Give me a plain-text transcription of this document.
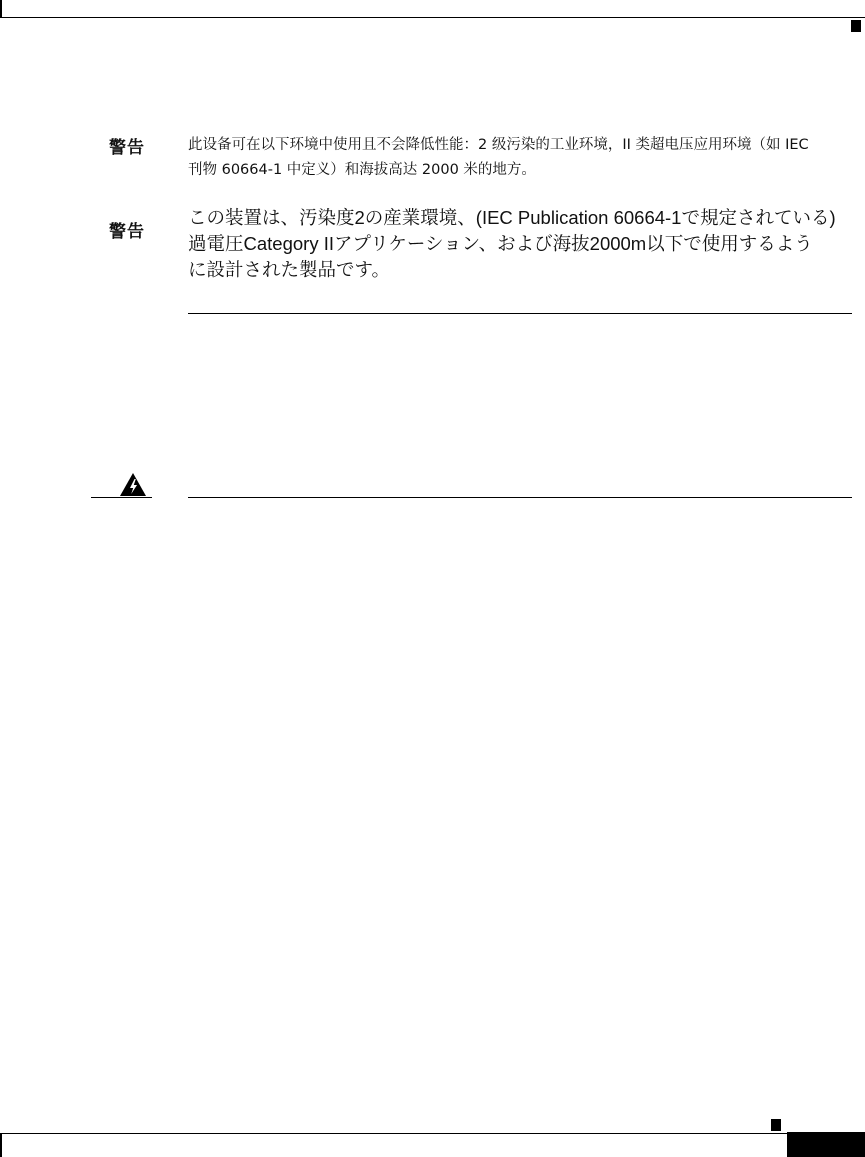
警告	此设备可在以下环境中使用且不会降低性能：2 级污染的工业环境，II 类超电压应用环境（如 IEC
刊物 60664-1 中定义）和海拔高达 2000 米的地方。
警告
この装置は、汚染度2の産業環境、(IEC Publication 60664-1で規定されている)
過電圧Category IIアプリケーション、および海抜2000m以下で使用するよう
に設計された製品です。
